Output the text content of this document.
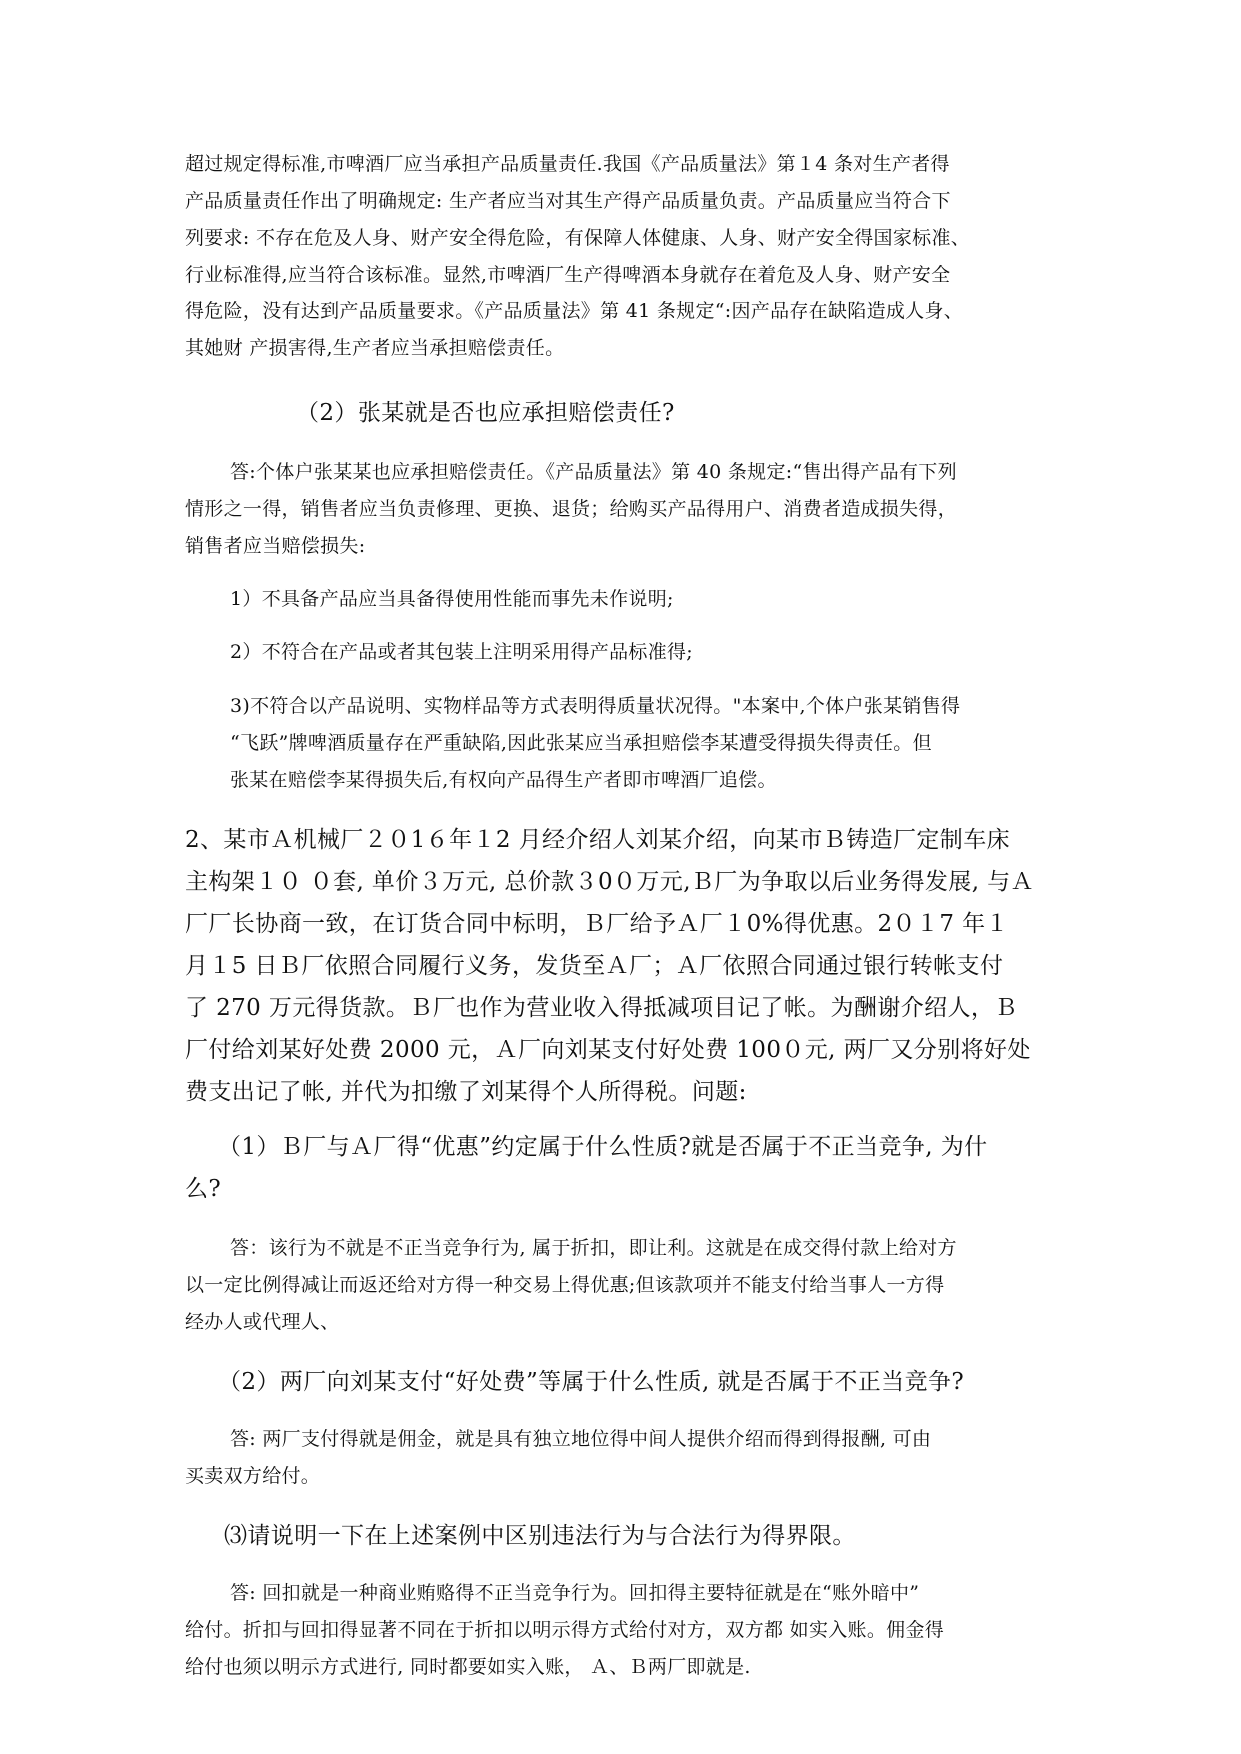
超过规定得标准,市啤酒厂应当承担产品质量责任.我国《产品质量法》第１4 条对生产者得

产品质量责任作出了明确规定: 生产者应当对其生产得产品质量负责。产品质量应当符合下

列要求: 不存在危及人身、财产安全得危险，有保障人体健康、人身、财产安全得国家标准、

行业标准得,应当符合该标准。显然,市啤酒厂生产得啤酒本身就存在着危及人身、财产安全

得危险，没有达到产品质量要求。《产品质量法》第 41 条规定“:因产品存在缺陷造成人身、

其她财 产损害得,生产者应当承担赔偿责任。

（2）张某就是否也应承担赔偿责任?

答:个体户张某某也应承担赔偿责任。《产品质量法》第 40 条规定:“售出得产品有下列

情形之一得，销售者应当负责修理、更换、退货；给购买产品得用户、消费者造成损失得，

销售者应当赔偿损失:

1）不具备产品应当具备得使用性能而事先未作说明;

2）不符合在产品或者其包装上注明采用得产品标准得;

3)不符合以产品说明、实物样品等方式表明得质量状况得。"本案中,个体户张某销售得

“飞跃”牌啤酒质量存在严重缺陷,因此张某应当承担赔偿李某遭受得损失得责任。但

张某在赔偿李某得损失后,有权向产品得生产者即市啤酒厂追偿。

2、某市Ａ机械厂２０1６年１2 月经介绍人刘某介绍，向某市Ｂ铸造厂定制车床

主构架１０ ０套, 单价３万元, 总价款３0０万元,Ｂ厂为争取以后业务得发展, 与Ａ

厂厂长协商一致，在订货合同中标明，Ｂ厂给予Ａ厂１0%得优惠。2０１7 年１

月１5 日Ｂ厂依照合同履行义务，发货至Ａ厂；Ａ厂依照合同通过银行转帐支付

了 270 万元得货款。Ｂ厂也作为营业收入得抵减项目记了帐。为酬谢介绍人，Ｂ

厂付给刘某好处费 2000 元，Ａ厂向刘某支付好处费 100０元, 两厂又分别将好处

费支出记了帐, 并代为扣缴了刘某得个人所得税。问题:

（1）Ｂ厂与Ａ厂得“优惠”约定属于什么性质?就是否属于不正当竞争, 为什

么?

答：该行为不就是不正当竞争行为, 属于折扣，即让利。这就是在成交得付款上给对方

以一定比例得减让而返还给对方得一种交易上得优惠;但该款项并不能支付给当事人一方得

经办人或代理人、

（2）两厂向刘某支付“好处费”等属于什么性质, 就是否属于不正当竞争?

答: 两厂支付得就是佣金，就是具有独立地位得中间人提供介绍而得到得报酬, 可由

买卖双方给付。

⑶请说明一下在上述案例中区别违法行为与合法行为得界限。

答: 回扣就是一种商业贿赂得不正当竞争行为。回扣得主要特征就是在“账外暗中”

给付。折扣与回扣得显著不同在于折扣以明示得方式给付对方，双方都 如实入账。佣金得

给付也须以明示方式进行, 同时都要如实入账， Ａ、Ｂ两厂即就是.
